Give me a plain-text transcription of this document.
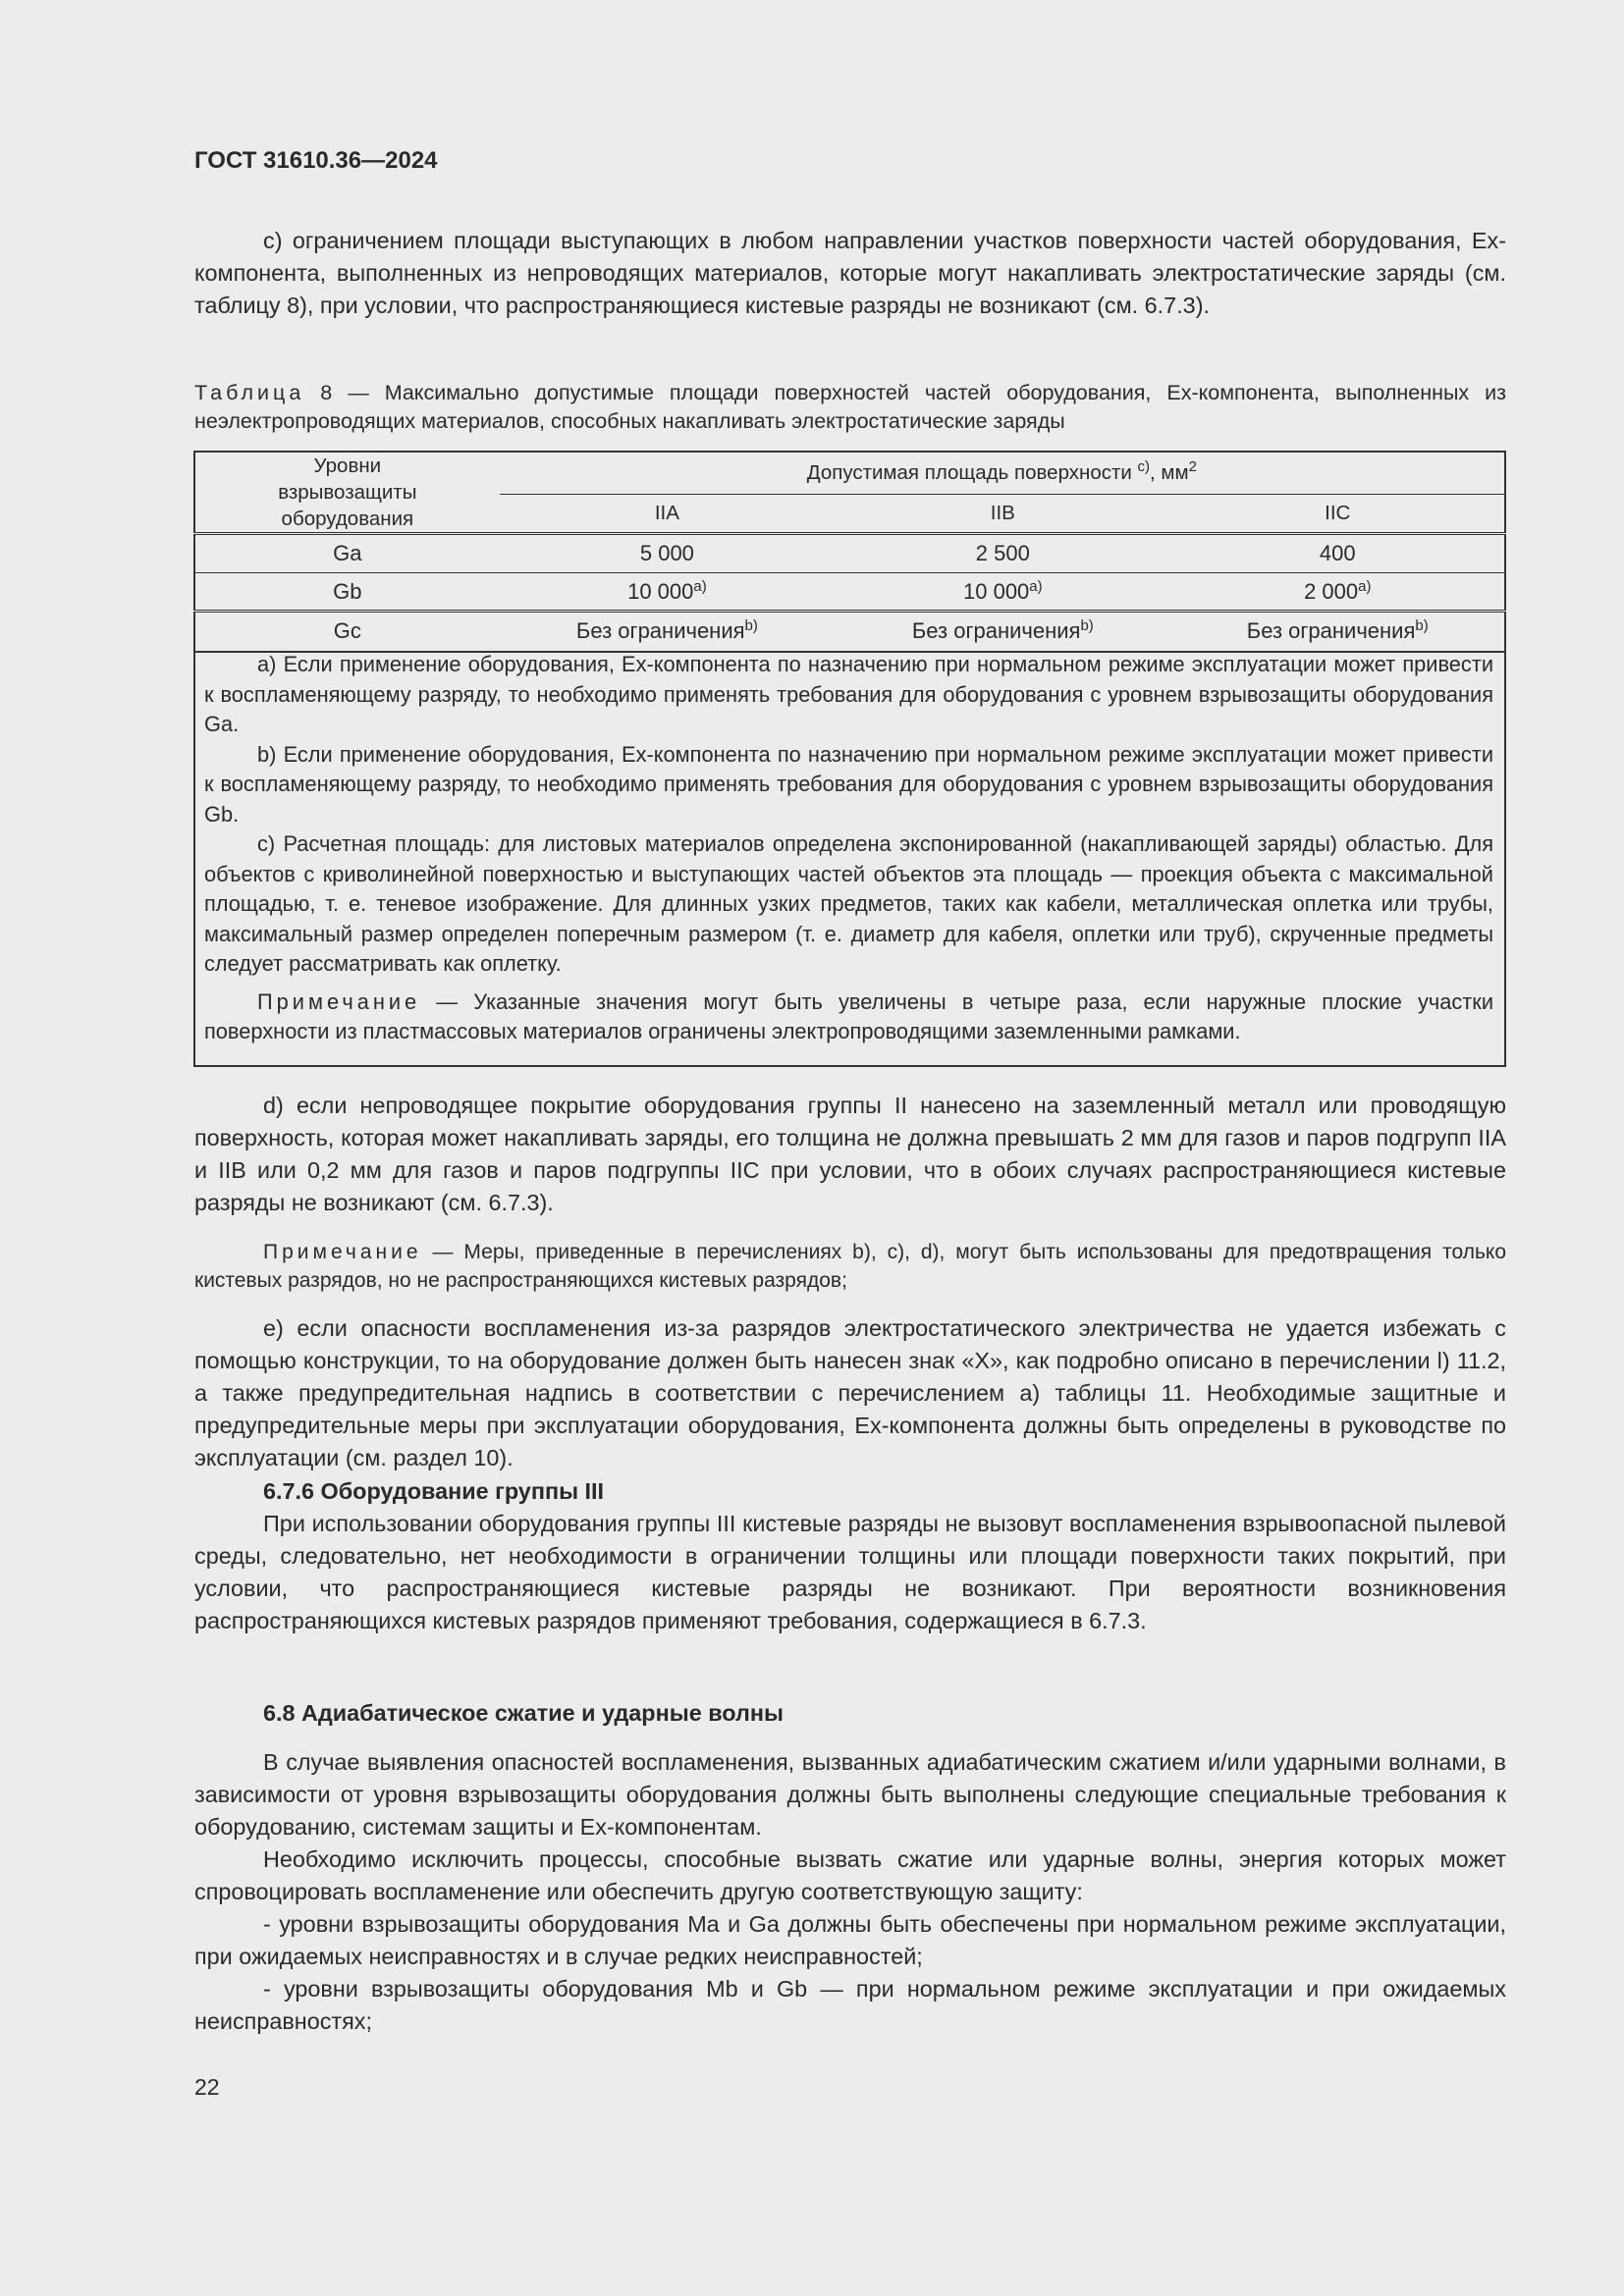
ГОСТ 31610.36—2024

c) ограничением площади выступающих в любом направлении участков поверхности частей оборудования, Ех-компонента, выполненных из непроводящих материалов, которые могут накапливать электростатические заряды (см. таблицу 8), при условии, что распространяющиеся кистевые разряды не возникают (см. 6.7.3).

Таблица 8 — Максимально допустимые площади поверхностей частей оборудования, Ех-компонента, выполненных из неэлектропроводящих материалов, способных накапливать электростатические заряды
Уровни взрывозащиты оборудования	Допустимая площадь поверхности $^{c)}$, $мм^2$
	IIA	IIB	IIC
Ga	5 000	2 500	400
Gb	10 000$^{a)}$	10 000$^{a)}$	2 000$^{a)}$
Gc	Без ограничения$^{b)}$	Без ограничения$^{b)}$	Без ограничения$^{b)}$

a) Если применение оборудования, Ех-компонента по назначению при нормальном режиме эксплуатации может привести к воспламеняющему разряду, то необходимо применять требования для оборудования с уровнем взрывозащиты оборудования Ga.

b) Если применение оборудования, Ех-компонента по назначению при нормальном режиме эксплуатации может привести к воспламеняющему разряду, то необходимо применять требования для оборудования с уровнем взрывозащиты оборудования Gb.

c) Расчетная площадь: для листовых материалов определена экспонированной (накапливающей заряды) областью. Для объектов с криволинейной поверхностью и выступающих частей объектов эта площадь — проекция объекта с максимальной площадью, т. е. теневое изображение. Для длинных узких предметов, таких как кабели, металлическая оплетка или трубы, максимальный размер определен поперечным размером (т. е. диаметр для кабеля, оплетки или труб), скрученные предметы следует рассматривать как оплетку.

Примечание — Указанные значения могут быть увеличены в четыре раза, если наружные плоские участки поверхности из пластмассовых материалов ограничены электропроводящими заземленными рамками.

d) если непроводящее покрытие оборудования группы II нанесено на заземленный металл или проводящую поверхность, которая может накапливать заряды, его толщина не должна превышать 2 мм для газов и паров подгрупп IIA и IIB или 0,2 мм для газов и паров подгруппы IIC при условии, что в обоих случаях распространяющиеся кистевые разряды не возникают (см. 6.7.3).

Примечание — Меры, приведенные в перечислениях b), c), d), могут быть использованы для предотвращения только кистевых разрядов, но не распространяющихся кистевых разрядов;

e) если опасности воспламенения из-за разрядов электростатического электричества не удается избежать с помощью конструкции, то на оборудование должен быть нанесен знак «X», как подробно описано в перечислении l) 11.2, а также предупредительная надпись в соответствии с перечислением a) таблицы 11. Необходимые защитные и предупредительные меры при эксплуатации оборудования, Ех-компонента должны быть определены в руководстве по эксплуатации (см. раздел 10).

6.7.6 Оборудование группы III

При использовании оборудования группы III кистевые разряды не вызовут воспламенения взрывоопасной пылевой среды, следовательно, нет необходимости в ограничении толщины или площади поверхности таких покрытий, при условии, что распространяющиеся кистевые разряды не возникают. При вероятности возникновения распространяющихся кистевых разрядов применяют требования, содержащиеся в 6.7.3.

6.8 Адиабатическое сжатие и ударные волны

В случае выявления опасностей воспламенения, вызванных адиабатическим сжатием и/или ударными волнами, в зависимости от уровня взрывозащиты оборудования должны быть выполнены следующие специальные требования к оборудованию, системам защиты и Ех-компонентам.

Необходимо исключить процессы, способные вызвать сжатие или ударные волны, энергия которых может спровоцировать воспламенение или обеспечить другую соответствующую защиту:

- уровни взрывозащиты оборудования Ma и Ga должны быть обеспечены при нормальном режиме эксплуатации, при ожидаемых неисправностях и в случае редких неисправностей;

- уровни взрывозащиты оборудования Mb и Gb — при нормальном режиме эксплуатации и при ожидаемых неисправностях;

22
